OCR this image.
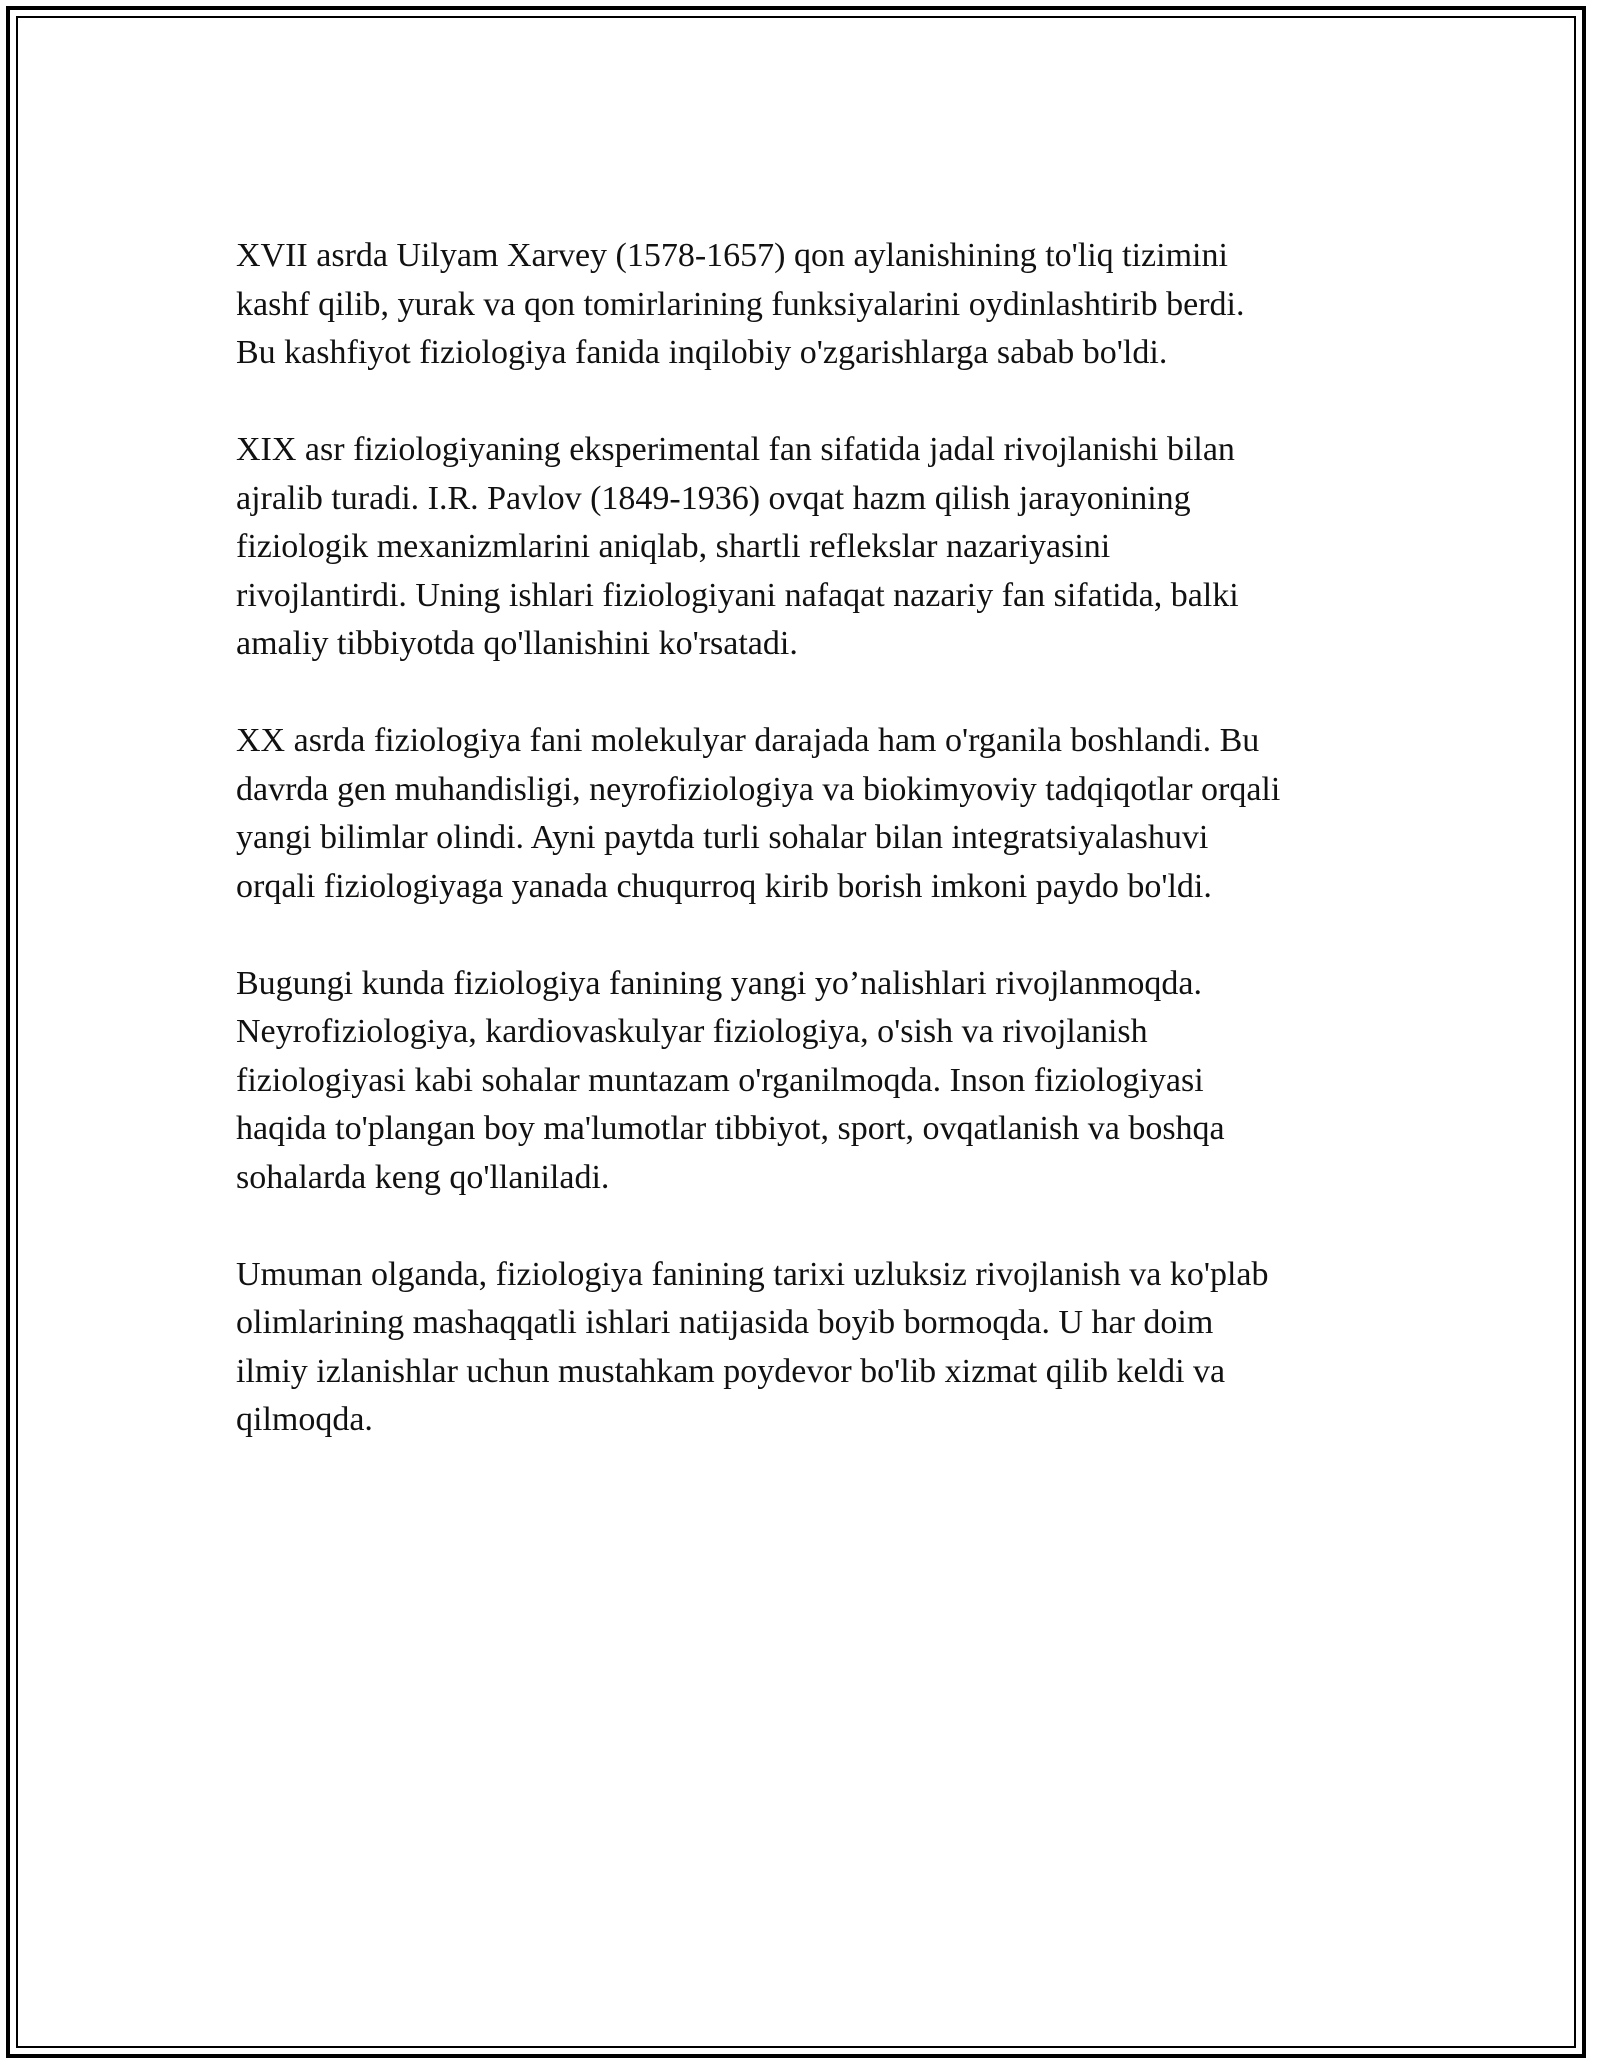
XVII asrda Uilyam Xarvey (1578-1657) qon aylanishining to'liq tizimini
kashf qilib, yurak va qon tomirlarining funksiyalarini oydinlashtirib berdi.
Bu kashfiyot fiziologiya fanida inqilobiy o'zgarishlarga sabab bo'ldi.

XIX asr fiziologiyaning eksperimental fan sifatida jadal rivojlanishi bilan
ajralib turadi. I.R. Pavlov (1849-1936) ovqat hazm qilish jarayonining
fiziologik mexanizmlarini aniqlab, shartli reflekslar nazariyasini
rivojlantirdi. Uning ishlari fiziologiyani nafaqat nazariy fan sifatida, balki
amaliy tibbiyotda qo'llanishini ko'rsatadi.

XX asrda fiziologiya fani molekulyar darajada ham o'rganila boshlandi. Bu
davrda gen muhandisligi, neyrofiziologiya va biokimyoviy tadqiqotlar orqali
yangi bilimlar olindi. Ayni paytda turli sohalar bilan integratsiyalashuvi
orqali fiziologiyaga yanada chuqurroq kirib borish imkoni paydo bo'ldi.

Bugungi kunda fiziologiya fanining yangi yo’nalishlari rivojlanmoqda.
Neyrofiziologiya, kardiovaskulyar fiziologiya, o'sish va rivojlanish
fiziologiyasi kabi sohalar muntazam o'rganilmoqda. Inson fiziologiyasi
haqida to'plangan boy ma'lumotlar tibbiyot, sport, ovqatlanish va boshqa
sohalarda keng qo'llaniladi.

Umuman olganda, fiziologiya fanining tarixi uzluksiz rivojlanish va ko'plab
olimlarining mashaqqatli ishlari natijasida boyib bormoqda. U har doim
ilmiy izlanishlar uchun mustahkam poydevor bo'lib xizmat qilib keldi va
qilmoqda.
